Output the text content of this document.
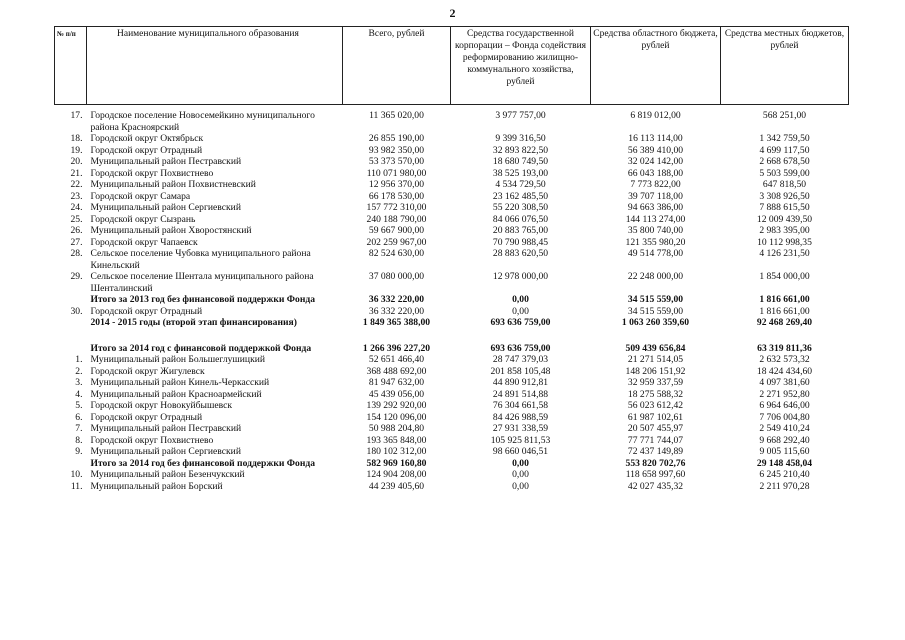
2
№ п/п	Наименование муниципального образования	Всего, рублей	Средства государственной корпорации – Фонда содействия реформированию жилищно-коммунального хозяйства, рублей	Средства областного бюджета, рублей	Средства местных бюджетов, рублей
17.	Городское поселение Новосемейкино муниципального района Красноярский	11 365 020,00	3 977 757,00	6 819 012,00	568 251,00
18.	Городской округ Октябрьск	26 855 190,00	9 399 316,50	16 113 114,00	1 342 759,50
19.	Городской округ Отрадный	93 982 350,00	32 893 822,50	56 389 410,00	4 699 117,50
20.	Муниципальный район Пестравский	53 373 570,00	18 680 749,50	32 024 142,00	2 668 678,50
21.	Городской округ Похвистнево	110 071 980,00	38 525 193,00	66 043 188,00	5 503 599,00
22.	Муниципальный район Похвистневский	12 956 370,00	4 534 729,50	7 773 822,00	647 818,50
23.	Городской округ Самара	66 178 530,00	23 162 485,50	39 707 118,00	3 308 926,50
24.	Муниципальный район Сергиевский	157 772 310,00	55 220 308,50	94 663 386,00	7 888 615,50
25.	Городской округ Сызрань	240 188 790,00	84 066 076,50	144 113 274,00	12 009 439,50
26.	Муниципальный район Хворостянский	59 667 900,00	20 883 765,00	35 800 740,00	2 983 395,00
27.	Городской округ Чапаевск	202 259 967,00	70 790 988,45	121 355 980,20	10 112 998,35
28.	Сельское поселение Чубовка муниципального района Кинельский	82 524 630,00	28 883 620,50	49 514 778,00	4 126 231,50
29.	Сельское поселение Шентала муниципального района Шенталинский	37 080 000,00	12 978 000,00	22 248 000,00	1 854 000,00
	Итого за 2013 год без финансовой поддержки Фонда	36 332 220,00	0,00	34 515 559,00	1 816 661,00
30.	Городской округ Отрадный	36 332 220,00	0,00	34 515 559,00	1 816 661,00
	2014 - 2015 годы (второй этап финансирования)	1 849 365 388,00	693 636 759,00	1 063 260 359,60	92 468 269,40

	Итого за 2014 год с финансовой поддержкой Фонда	1 266 396 227,20	693 636 759,00	509 439 656,84	63 319 811,36
1.	Муниципальный район Большеглушицкий	52 651 466,40	28 747 379,03	21 271 514,05	2 632 573,32
2.	Городской округ Жигулевск	368 488 692,00	201 858 105,48	148 206 151,92	18 424 434,60
3.	Муниципальный район Кинель-Черкасский	81 947 632,00	44 890 912,81	32 959 337,59	4 097 381,60
4.	Муниципальный район Красноармейский	45 439 056,00	24 891 514,88	18 275 588,32	2 271 952,80
5.	Городской округ Новокуйбышевск	139 292 920,00	76 304 661,58	56 023 612,42	6 964 646,00
6.	Городской округ Отрадный	154 120 096,00	84 426 988,59	61 987 102,61	7 706 004,80
7.	Муниципальный район Пестравский	50 988 204,80	27 931 338,59	20 507 455,97	2 549 410,24
8.	Городской округ Похвистнево	193 365 848,00	105 925 811,53	77 771 744,07	9 668 292,40
9.	Муниципальный район Сергиевский	180 102 312,00	98 660 046,51	72 437 149,89	9 005 115,60
	Итого за 2014 год без финансовой поддержки Фонда	582 969 160,80	0,00	553 820 702,76	29 148 458,04
10.	Муниципальный район Безенчукский	124 904 208,00	0,00	118 658 997,60	6 245 210,40
11.	Муниципальный район Борский	44 239 405,60	0,00	42 027 435,32	2 211 970,28
